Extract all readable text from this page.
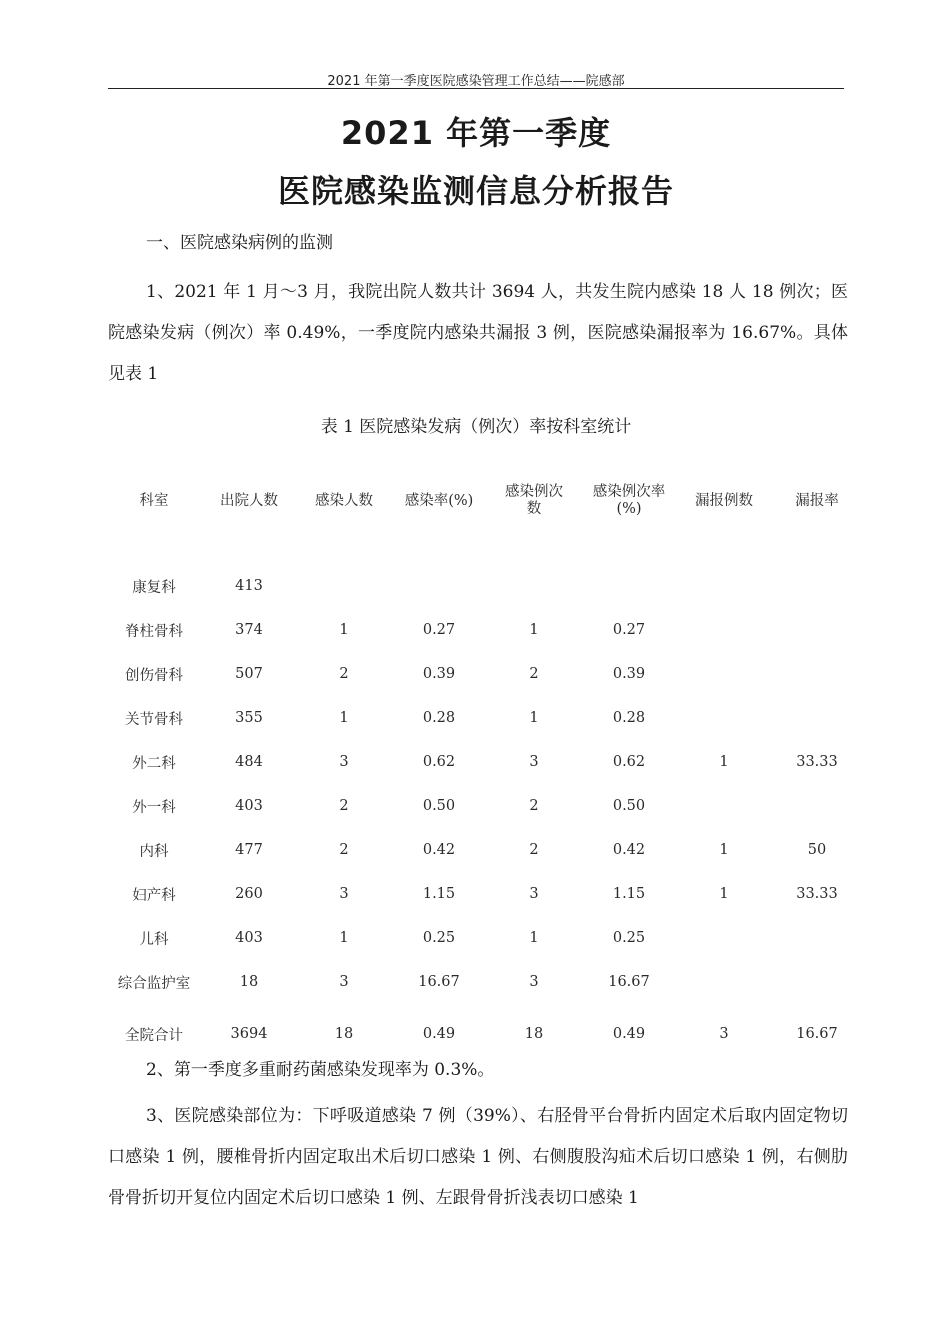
2021 年第一季度医院感染管理工作总结——院感部
2021 年第一季度
医院感染监测信息分析报告
一、医院感染病例的监测
1、2021 年 1 月～3 月，我院出院人数共计 3694 人，共发生院内感染 18 人 18 例次；医院感染发病（例次）率 0.49%，一季度院内感染共漏报 3 例，医院感染漏报率为 16.67%。具体见表 1
表 1 医院感染发病（例次）率按科室统计
科室	出院人数	感染人数	感染率(%)	感染例次数	感染例次率(%)	漏报例数	漏报率

康复科	413						
脊柱骨科	374	1	0.27	1	0.27		
创伤骨科	507	2	0.39	2	0.39		
关节骨科	355	1	0.28	1	0.28		
外二科	484	3	0.62	3	0.62	1	33.33
外一科	403	2	0.50	2	0.50		
内科	477	2	0.42	2	0.42	1	50
妇产科	260	3	1.15	3	1.15	1	33.33
儿科	403	1	0.25	1	0.25		
综合监护室	18	3	16.67	3	16.67		
全院合计	3694	18	0.49	18	0.49	3	16.67
2、第一季度多重耐药菌感染发现率为 0.3%。
3、医院感染部位为：下呼吸道感染 7 例（39%）、右胫骨平台骨折内固定术后取内固定物切口感染 1 例，腰椎骨折内固定取出术后切口感染 1 例、右侧腹股沟疝术后切口感染 1 例，右侧肋骨骨折切开复位内固定术后切口感染 1 例、左跟骨骨折浅表切口感染 1
